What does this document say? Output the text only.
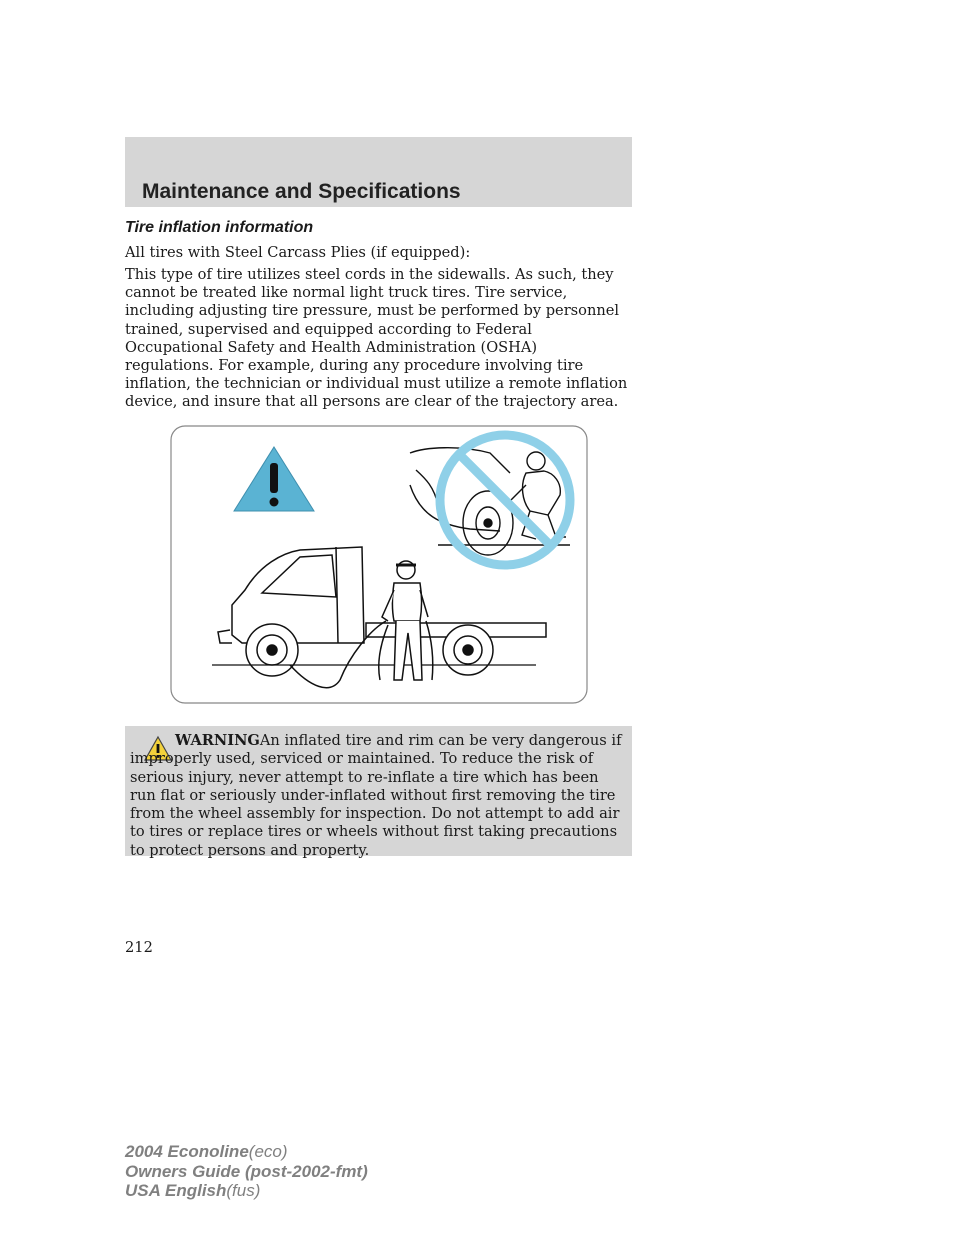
Maintenance and Specifications
Tire inflation information

All tires with Steel Carcass Plies (if equipped):

This type of tire utilizes steel cords in the sidewalls. As such, they cannot be treated like normal light truck tires. Tire service, including adjusting tire pressure, must be performed by personnel trained, supervised and equipped according to Federal Occupational Safety and Health Administration (OSHA) regulations. For example, during any procedure involving tire inflation, the technician or individual must utilize a remote inflation device, and insure that all persons are clear of the trajectory area.

WARNINGAn inflated tire and rim can be very dangerous if improperly used, serviced or maintained. To reduce the risk of serious injury, never attempt to re-inflate a tire which has been run flat or seriously under-inflated without first removing the tire from the wheel assembly for inspection. Do not attempt to add air to tires or replace tires or wheels without first taking precautions to protect persons and property.

212
2004 Econoline(eco)
Owners Guide (post-2002-fmt)
USA English(fus)
